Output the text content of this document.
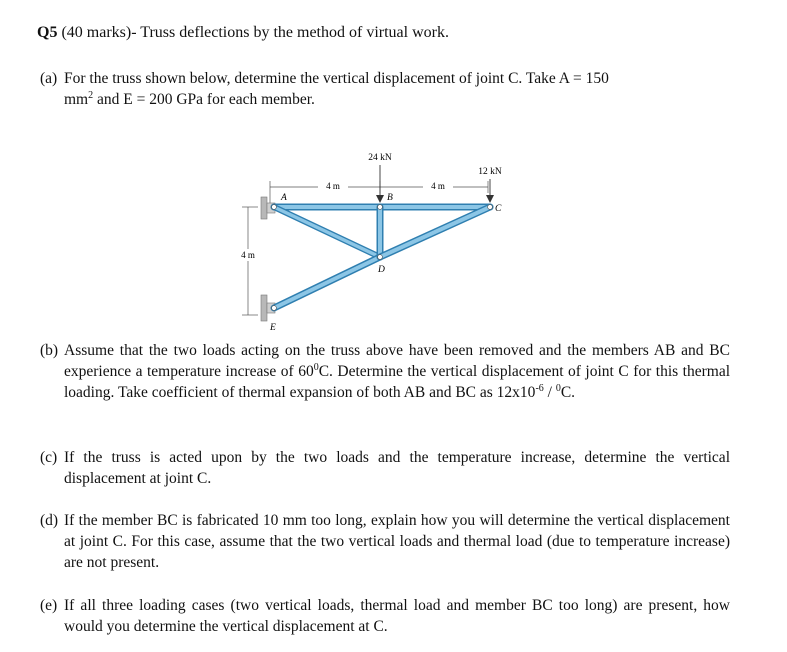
Q5 (40 marks)- Truss deflections by the method of virtual work.
(a) For the truss shown below, determine the vertical displacement of joint C. Take A = 150
$mm^2$ and E = 200 GPa for each member.
4 m	4 m
4 m
24 kN
12 kN
A	B
C
D
E
(b) Assume that the two loads acting on the truss above have been removed and the members AB and BC experience a temperature increase of $60^0C$. Determine the vertical displacement of joint C for this thermal loading. Take coefficient of thermal expansion of both AB and BC as $12x10^{-6} / ^0C$.
(c) If the truss is acted upon by the two loads and the temperature increase, determine the vertical displacement at joint C.
(d) If the member BC is fabricated 10 mm too long, explain how you will determine the vertical displacement at joint C. For this case, assume that the two vertical loads and thermal load (due to temperature increase) are not present.
(e) If all three loading cases (two vertical loads, thermal load and member BC too long) are present, how would you determine the vertical displacement at C.
